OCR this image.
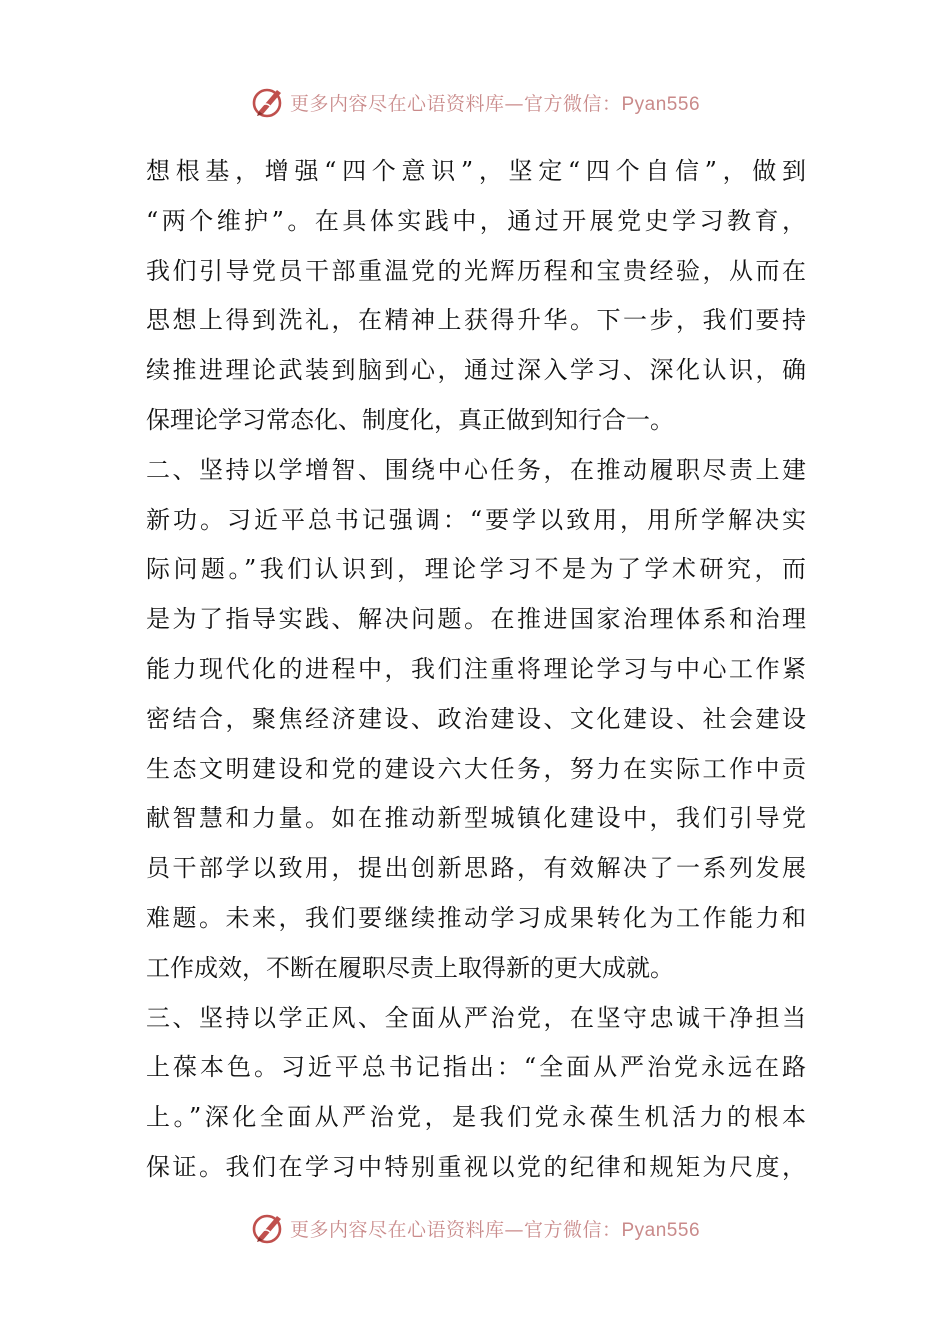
更多内容尽在心语资料库—官方微信：Pyan556
想根基，增强“四个意识”，坚定“四个自信”，做到
“两个维护”。在具体实践中，通过开展党史学习教育，
我们引导党员干部重温党的光辉历程和宝贵经验，从而在
思想上得到洗礼，在精神上获得升华。下一步，我们要持
续推进理论武装到脑到心，通过深入学习、深化认识，确
保理论学习常态化、制度化，真正做到知行合一。
二、坚持以学增智、围绕中心任务，在推动履职尽责上建
新功。习近平总书记强调：“要学以致用，用所学解决实
际问题。”我们认识到，理论学习不是为了学术研究，而
是为了指导实践、解决问题。在推进国家治理体系和治理
能力现代化的进程中，我们注重将理论学习与中心工作紧
密结合，聚焦经济建设、政治建设、文化建设、社会建设
生态文明建设和党的建设六大任务，努力在实际工作中贡
献智慧和力量。如在推动新型城镇化建设中，我们引导党
员干部学以致用，提出创新思路，有效解决了一系列发展
难题。未来，我们要继续推动学习成果转化为工作能力和
工作成效，不断在履职尽责上取得新的更大成就。
三、坚持以学正风、全面从严治党，在坚守忠诚干净担当
上葆本色。习近平总书记指出：“全面从严治党永远在路
上。”深化全面从严治党，是我们党永葆生机活力的根本
保证。我们在学习中特别重视以党的纪律和规矩为尺度，
更多内容尽在心语资料库—官方微信：Pyan556
